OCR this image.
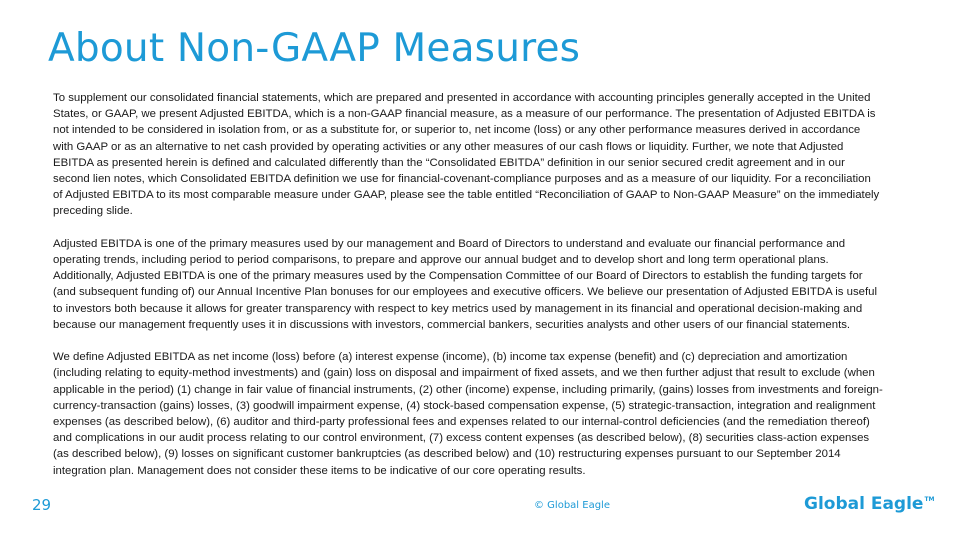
About Non-GAAP Measures

To supplement our consolidated financial statements, which are prepared and presented in accordance with accounting principles generally accepted in the United States, or GAAP, we present Adjusted EBITDA, which is a non-GAAP financial measure, as a measure of our performance. The presentation of Adjusted EBITDA is not intended to be considered in isolation from, or as a substitute for, or superior to, net income (loss) or any other performance measures derived in accordance with GAAP or as an alternative to net cash provided by operating activities or any other measures of our cash flows or liquidity. Further, we note that Adjusted EBITDA as presented herein is defined and calculated differently than the “Consolidated EBITDA” definition in our senior secured credit agreement and in our second lien notes, which Consolidated EBITDA definition we use for financial-covenant-compliance purposes and as a measure of our liquidity. For a reconciliation of Adjusted EBITDA to its most comparable measure under GAAP, please see the table entitled “Reconciliation of GAAP to Non-GAAP Measure” on the immediately preceding slide.

Adjusted EBITDA is one of the primary measures used by our management and Board of Directors to understand and evaluate our financial performance and operating trends, including period to period comparisons, to prepare and approve our annual budget and to develop short and long term operational plans. Additionally, Adjusted EBITDA is one of the primary measures used by the Compensation Committee of our Board of Directors to establish the funding targets for (and subsequent funding of) our Annual Incentive Plan bonuses for our employees and executive officers. We believe our presentation of Adjusted EBITDA is useful to investors both because it allows for greater transparency with respect to key metrics used by management in its financial and operational decision-making and because our management frequently uses it in discussions with investors, commercial bankers, securities analysts and other users of our financial statements.

We define Adjusted EBITDA as net income (loss) before (a) interest expense (income), (b) income tax expense (benefit) and (c) depreciation and amortization (including relating to equity-method investments) and (gain) loss on disposal and impairment of fixed assets, and we then further adjust that result to exclude (when applicable in the period) (1) change in fair value of financial instruments, (2) other (income) expense, including primarily, (gains) losses from investments and foreign-currency-transaction (gains) losses, (3) goodwill impairment expense, (4) stock-based compensation expense, (5) strategic-transaction, integration and realignment expenses (as described below), (6) auditor and third-party professional fees and expenses related to our internal-control deficiencies (and the remediation thereof) and complications in our audit process relating to our control environment, (7) excess content expenses (as described below), (8) securities class-action expenses (as described below), (9) losses on significant customer bankruptcies (as described below) and (10) restructuring expenses pursuant to our September 2014 integration plan. Management does not consider these items to be indicative of our core operating results.

29	© Global Eagle	Global Eagle™
